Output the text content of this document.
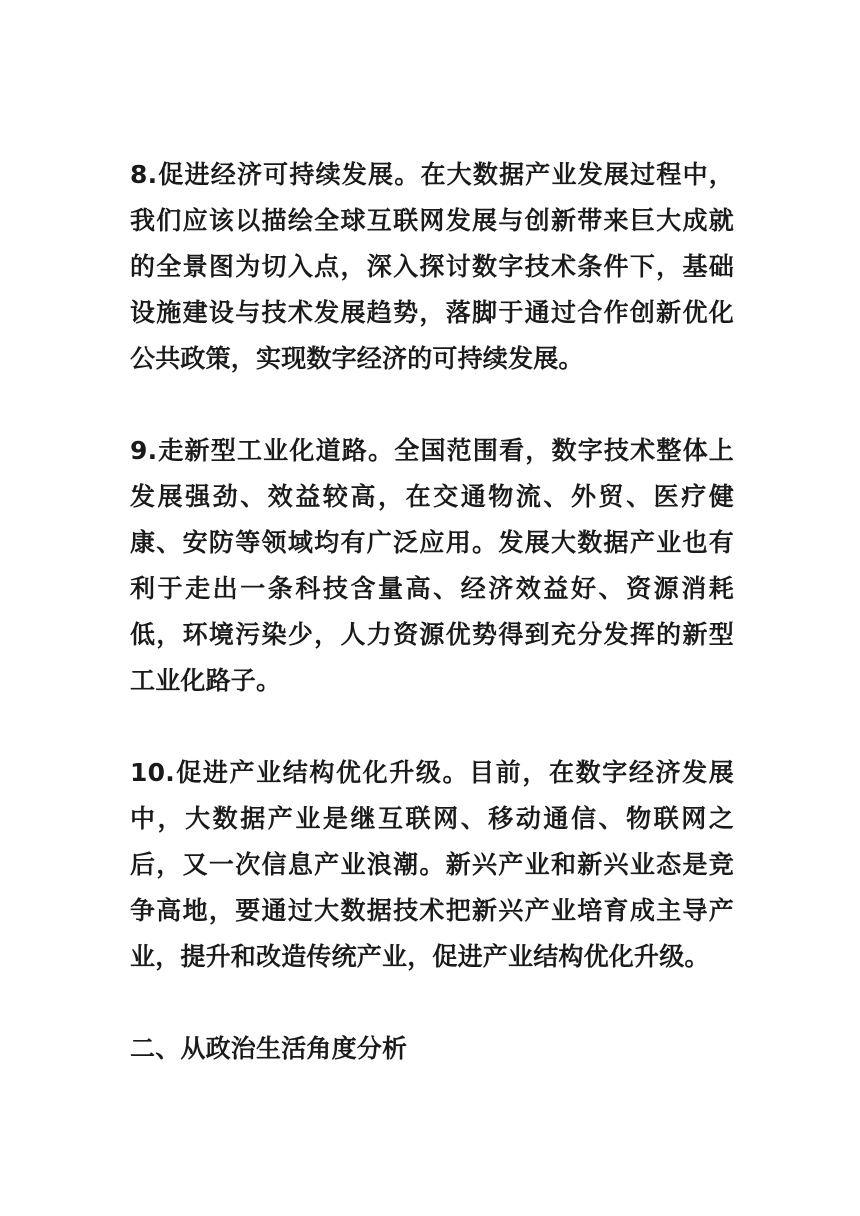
8.促进经济可持续发展。在大数据产业发展过程中，我们应该以描绘全球互联网发展与创新带来巨大成就的全景图为切入点，深入探讨数字技术条件下，基础设施建设与技术发展趋势，落脚于通过合作创新优化公共政策，实现数字经济的可持续发展。

9.走新型工业化道路。全国范围看，数字技术整体上发展强劲、效益较高，在交通物流、外贸、医疗健康、安防等领域均有广泛应用。发展大数据产业也有利于走出一条科技含量高、经济效益好、资源消耗低，环境污染少，人力资源优势得到充分发挥的新型工业化路子。

10.促进产业结构优化升级。目前，在数字经济发展中，大数据产业是继互联网、移动通信、物联网之后，又一次信息产业浪潮。新兴产业和新兴业态是竞争高地，要通过大数据技术把新兴产业培育成主导产业，提升和改造传统产业，促进产业结构优化升级。

二、从政治生活角度分析
